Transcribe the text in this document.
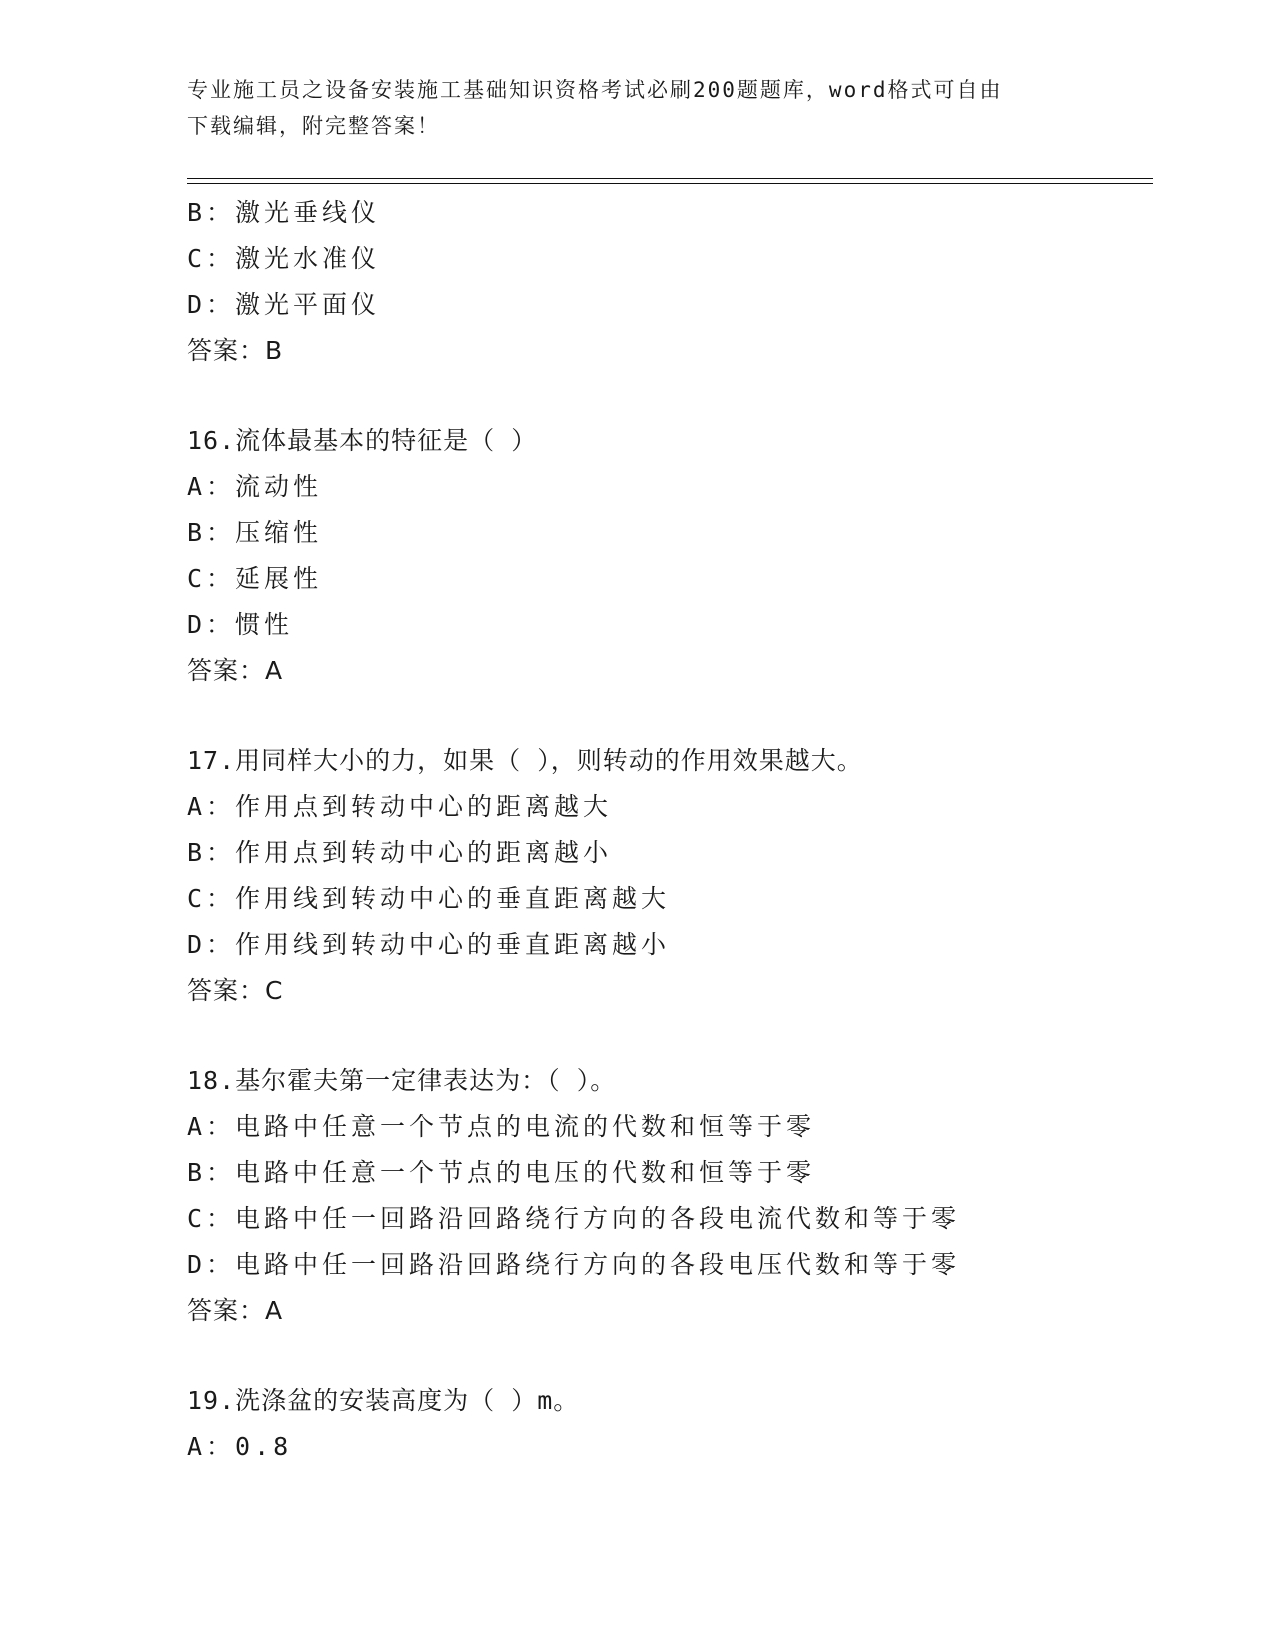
专业施工员之设备安装施工基础知识资格考试必刷200题题库，word格式可自由
下载编辑，附完整答案！
B：激光垂线仪
C：激光水准仪
D：激光平面仪
答案：B
16.流体最基本的特征是（ ）
A：流动性
B：压缩性
C：延展性
D：惯性
答案：A
17.用同样大小的力，如果（ ），则转动的作用效果越大。
A：作用点到转动中心的距离越大
B：作用点到转动中心的距离越小
C：作用线到转动中心的垂直距离越大
D：作用线到转动中心的垂直距离越小
答案：C
18.基尔霍夫第一定律表达为：（ ）。
A：电路中任意一个节点的电流的代数和恒等于零
B：电路中任意一个节点的电压的代数和恒等于零
C：电路中任一回路沿回路绕行方向的各段电流代数和等于零
D：电路中任一回路沿回路绕行方向的各段电压代数和等于零
答案：A
19.洗涤盆的安装高度为（ ）m。
A：0.8
